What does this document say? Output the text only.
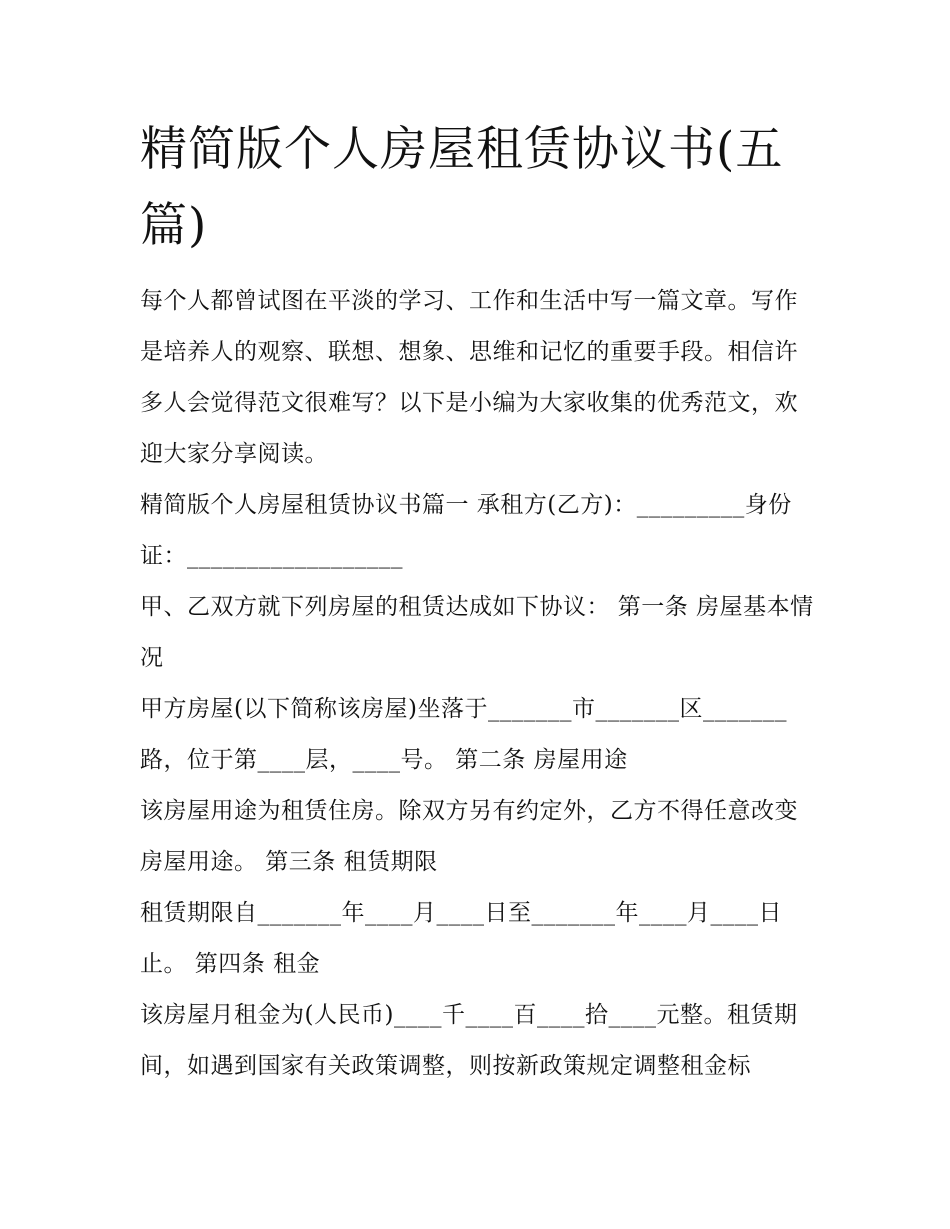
精简版个人房屋租赁协议书(五篇)

每个人都曾试图在平淡的学习、工作和生活中写一篇文章。写作是培养人的观察、联想、想象、思维和记忆的重要手段。相信许多人会觉得范文很难写？以下是小编为大家收集的优秀范文，欢迎大家分享阅读。

精简版个人房屋租赁协议书篇一 承租方(乙方)：_________身份证：__________________

甲、乙双方就下列房屋的租赁达成如下协议： 第一条 房屋基本情况

甲方房屋(以下简称该房屋)坐落于_______市_______区_______路，位于第____层，____号。 第二条 房屋用途

该房屋用途为租赁住房。除双方另有约定外，乙方不得任意改变房屋用途。 第三条 租赁期限

租赁期限自_______年____月____日至_______年____月____日止。 第四条 租金

该房屋月租金为(人民币)____千____百____拾____元整。租赁期间，如遇到国家有关政策调整，则按新政策规定调整租金标
